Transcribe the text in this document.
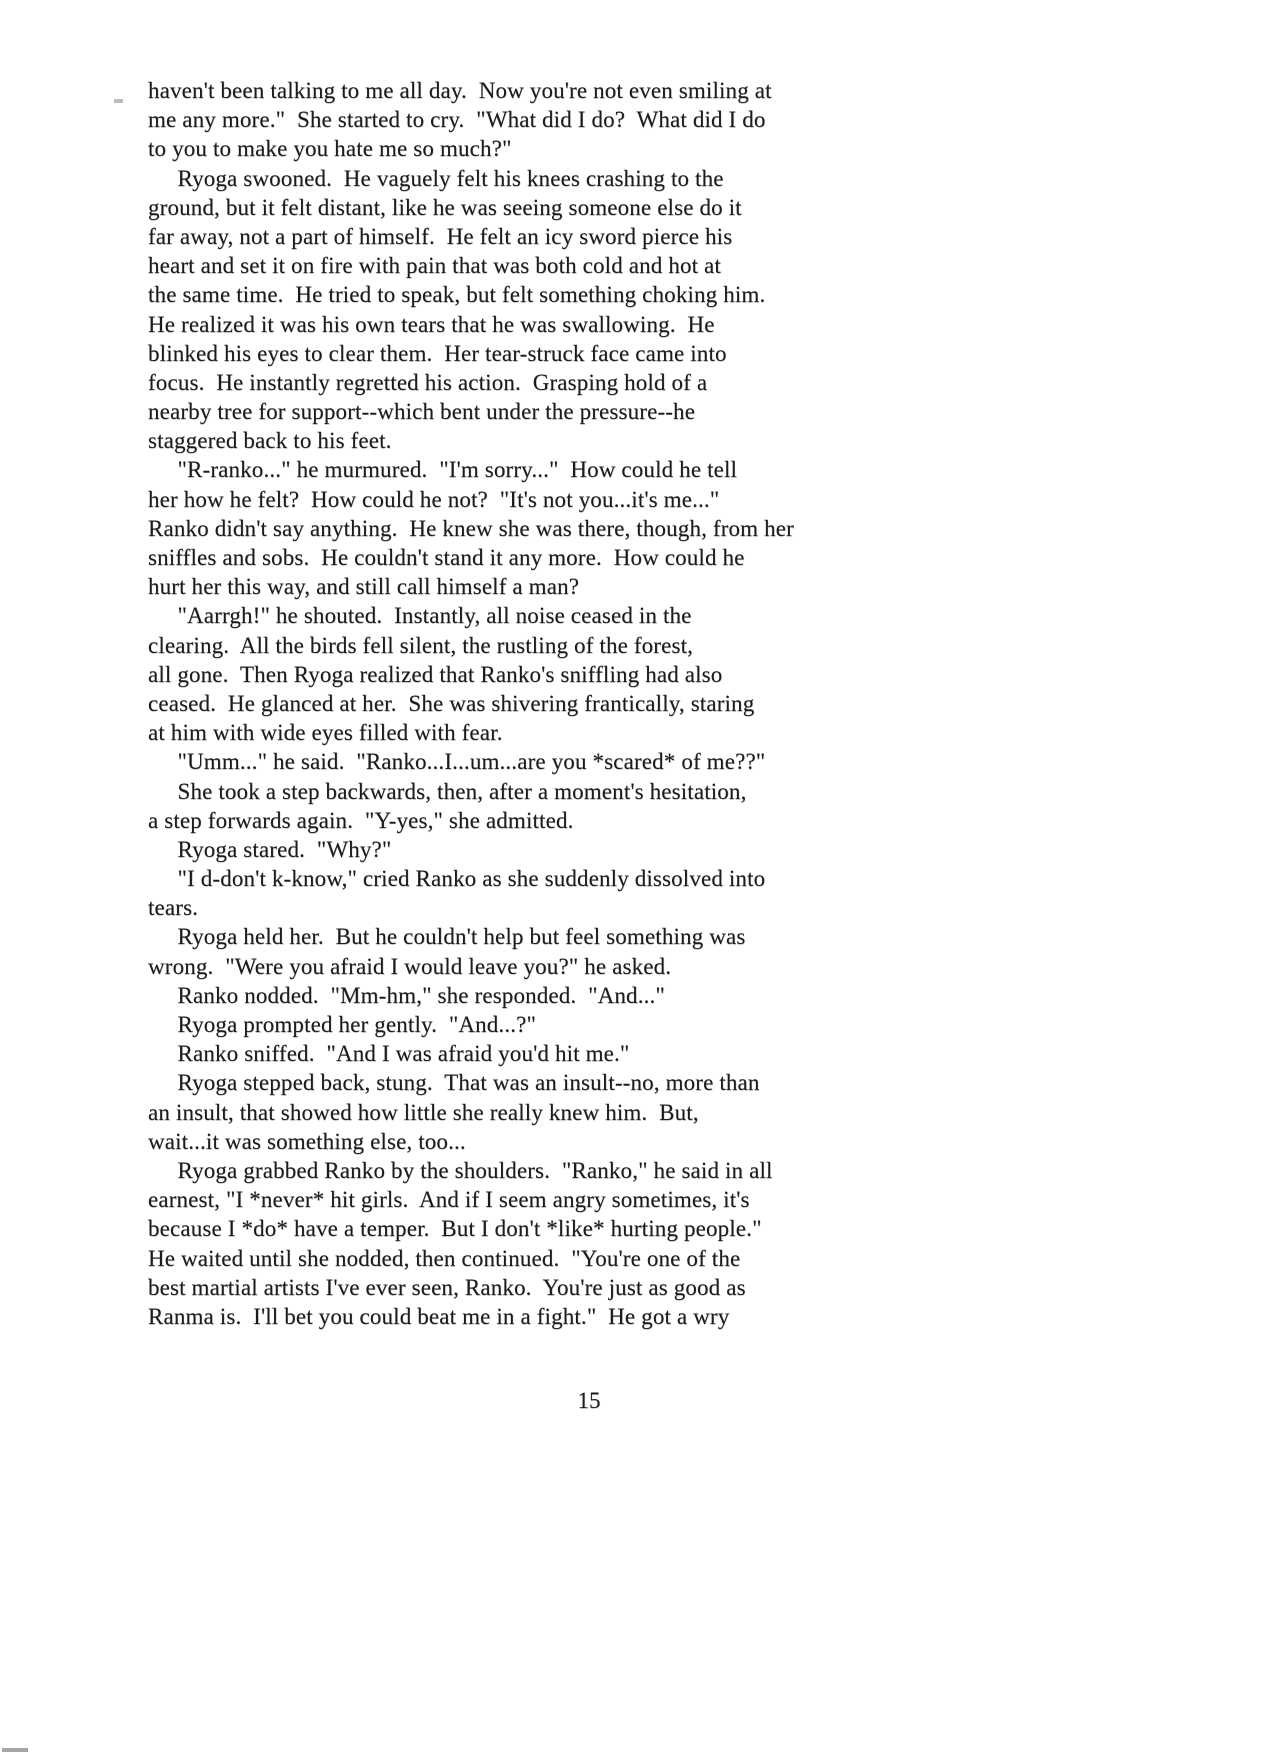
haven't been talking to me all day.  Now you're not even smiling at
me any more."  She started to cry.  "What did I do?  What did I do
to you to make you hate me so much?"
Ryoga swooned.  He vaguely felt his knees crashing to the
ground, but it felt distant, like he was seeing someone else do it
far away, not a part of himself.  He felt an icy sword pierce his
heart and set it on fire with pain that was both cold and hot at
the same time.  He tried to speak, but felt something choking him.
He realized it was his own tears that he was swallowing.  He
blinked his eyes to clear them.  Her tear-struck face came into
focus.  He instantly regretted his action.  Grasping hold of a
nearby tree for support--which bent under the pressure--he
staggered back to his feet.
"R-ranko..." he murmured.  "I'm sorry..."  How could he tell
her how he felt?  How could he not?  "It's not you...it's me..."
Ranko didn't say anything.  He knew she was there, though, from her
sniffles and sobs.  He couldn't stand it any more.  How could he
hurt her this way, and still call himself a man?
"Aarrgh!" he shouted.  Instantly, all noise ceased in the
clearing.  All the birds fell silent, the rustling of the forest,
all gone.  Then Ryoga realized that Ranko's sniffling had also
ceased.  He glanced at her.  She was shivering frantically, staring
at him with wide eyes filled with fear.
"Umm..." he said.  "Ranko...I...um...are you *scared* of me??"
She took a step backwards, then, after a moment's hesitation,
a step forwards again.  "Y-yes," she admitted.
Ryoga stared.  "Why?"
"I d-don't k-know," cried Ranko as she suddenly dissolved into
tears.
Ryoga held her.  But he couldn't help but feel something was
wrong.  "Were you afraid I would leave you?" he asked.
Ranko nodded.  "Mm-hm," she responded.  "And..."
Ryoga prompted her gently.  "And...?"
Ranko sniffed.  "And I was afraid you'd hit me."
Ryoga stepped back, stung.  That was an insult--no, more than
an insult, that showed how little she really knew him.  But,
wait...it was something else, too...
Ryoga grabbed Ranko by the shoulders.  "Ranko," he said in all
earnest, "I *never* hit girls.  And if I seem angry sometimes, it's
because I *do* have a temper.  But I don't *like* hurting people."
He waited until she nodded, then continued.  "You're one of the
best martial artists I've ever seen, Ranko.  You're just as good as
Ranma is.  I'll bet you could beat me in a fight."  He got a wry
15
